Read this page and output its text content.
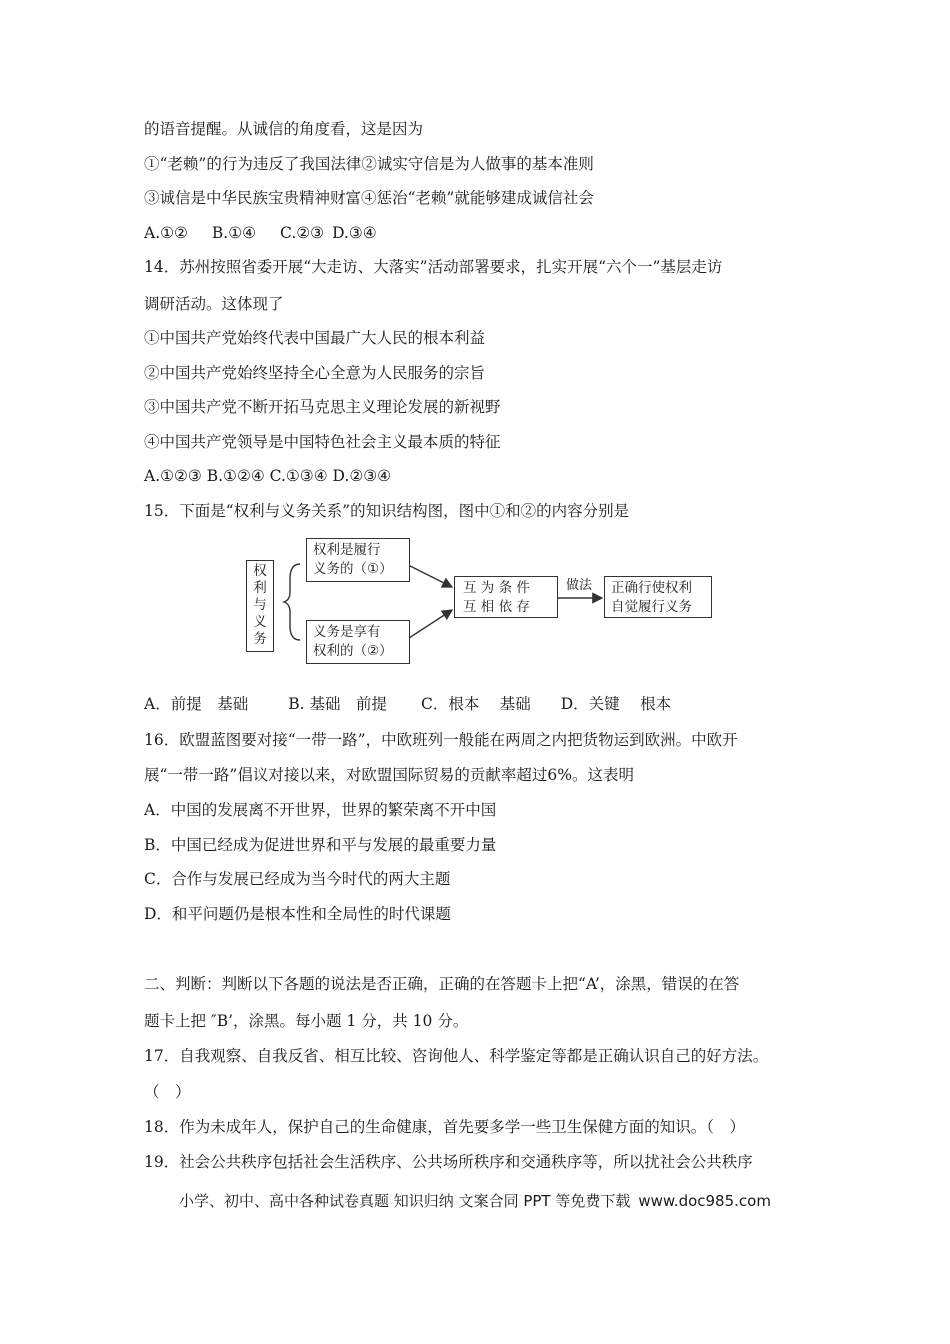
的语音提醒。从诚信的角度看，这是因为
①“老赖”的行为违反了我国法律②诚实守信是为人做事的基本准则
③诚信是中华民族宝贵精神财富④惩治“老赖”就能够建成诚信社会
A.①② B.①④ C.②③ D.③④
14．苏州按照省委开展“大走访、大落实”活动部署要求，扎实开展“六个一”基层走访
调研活动。这体现了
①中国共产党始终代表中国最广大人民的根本利益
②中国共产党始终坚持全心全意为人民服务的宗旨
③中国共产党不断开拓马克思主义理论发展的新视野
④中国共产党领导是中国特色社会主义最本质的特征
A.①②③ B.①②④ C.①③④ D.②③④
15．下面是“权利与义务关系”的知识结构图，图中①和②的内容分别是
权
利
与
义
务
权利是履行
义务的（①）
义务是享有
权利的（②）
互 为 条 件
互 相 依 存
做法 正确行使权利
自觉履行义务
A．前提　基础	B. 基础　前提 C．根本　 基础 D．关键　 根本
16．欧盟蓝图要对接“一带一路”，中欧班列一般能在两周之内把货物运到欧洲。中欧开
展“一带一路”倡议对接以来，对欧盟国际贸易的贡献率超过6%。这表明
A．中国的发展离不开世界，世界的繁荣离不开中国
B．中国已经成为促进世界和平与发展的最重要力量
C．合作与发展已经成为当今时代的两大主题
D．和平问题仍是根本性和全局性的时代课题
二、判断：判断以下各题的说法是否正确，正确的在答题卡上把“A’，涂黑，错误的在答
题卡上把 ″B’，涂黑。每小题 1 分，共 10 分。
17．自我观察、自我反省、相互比较、咨询他人、科学鉴定等都是正确认识自己的好方法。
（　）
18．作为未成年人，保护自己的生命健康，首先要多学一些卫生保健方面的知识。（　）
19．社会公共秩序包括社会生活秩序、公共场所秩序和交通秩序等，所以扰社会公共秩序
小学、初中、高中各种试卷真题 知识归纳 文案合同 PPT 等免费下载 www.doc985.com
